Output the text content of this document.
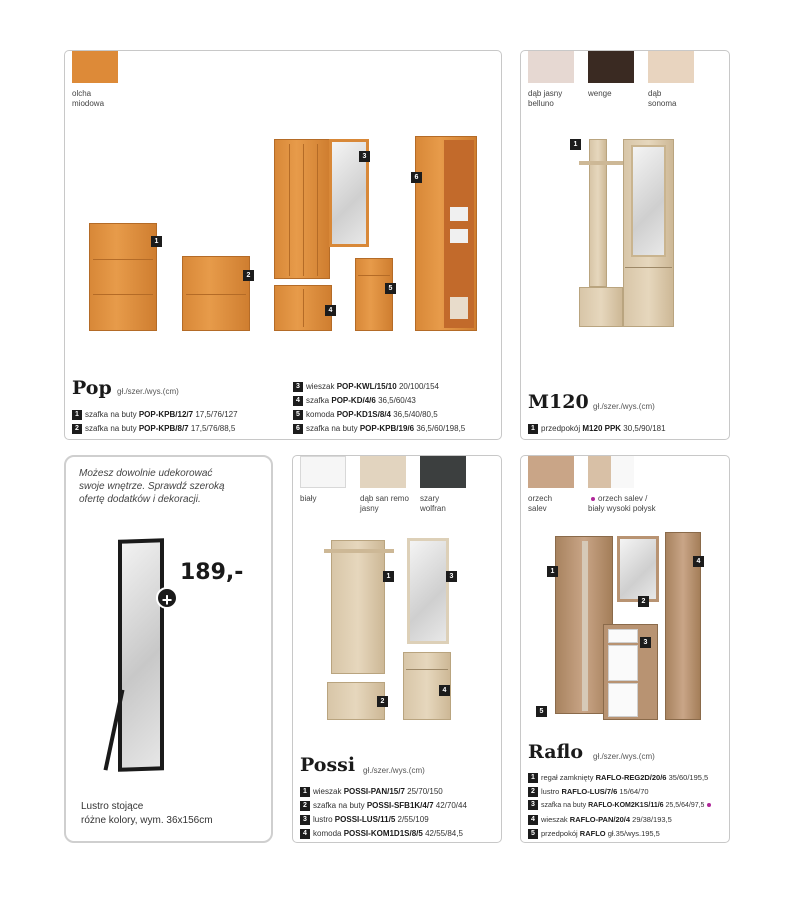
olcha
miodowa
1
2
3
4
5
6
Pop gł./szer./wys.(cm)
1 szafka na buty POP-KPB/12/7 17,5/76/127
2 szafka na buty POP-KPB/8/7 17,5/76/88,5
3 wieszak POP-KWL/15/10 20/100/154
4 szafka POP-KD/4/6 36,5/60/43
5 komoda POP-KD1S/8/4 36,5/40/80,5
6 szafka na buty POP-KPB/19/6 36,5/60/198,5
dąb jasny
belluno
wenge	dąb
sonoma
1
M120 gł./szer./wys.(cm)
1 przedpokój M120 PPK 30,5/90/181
Możesz dowolnie udekorować
swoje wnętrze. Sprawdź szeroką
ofertę dodatków i dekoracji.
+
189,-
Lustro stojące
różne kolory, wym. 36x156cm
biały	dąb san remo
jasny
szary
wolfran
1	3
2
4
Possi gł./szer./wys.(cm)
1 wieszak POSSI-PAN/15/7 25/70/150
2 szafka na buty POSSI-SFB1K/4/7 42/70/44
3 lustro POSSI-LUS/11/5 2/55/109
4 komoda POSSI-KOM1D1S/8/5 42/55/84,5
orzech
salev
orzech salev /
biały wysoki połysk
1
2
3
4
5
Raflo gł./szer./wys.(cm)
1 regał zamknięty RAFLO-REG2D/20/6 35/60/195,5
2 lustro RAFLO-LUS/7/6 15/64/70
3 szafka na buty RAFLO-KOM2K1S/11/6 25,5/64/97,5
4 wieszak RAFLO-PAN/20/4 29/38/193,5
5 przedpokój RAFLO gł.35/wys.195,5
